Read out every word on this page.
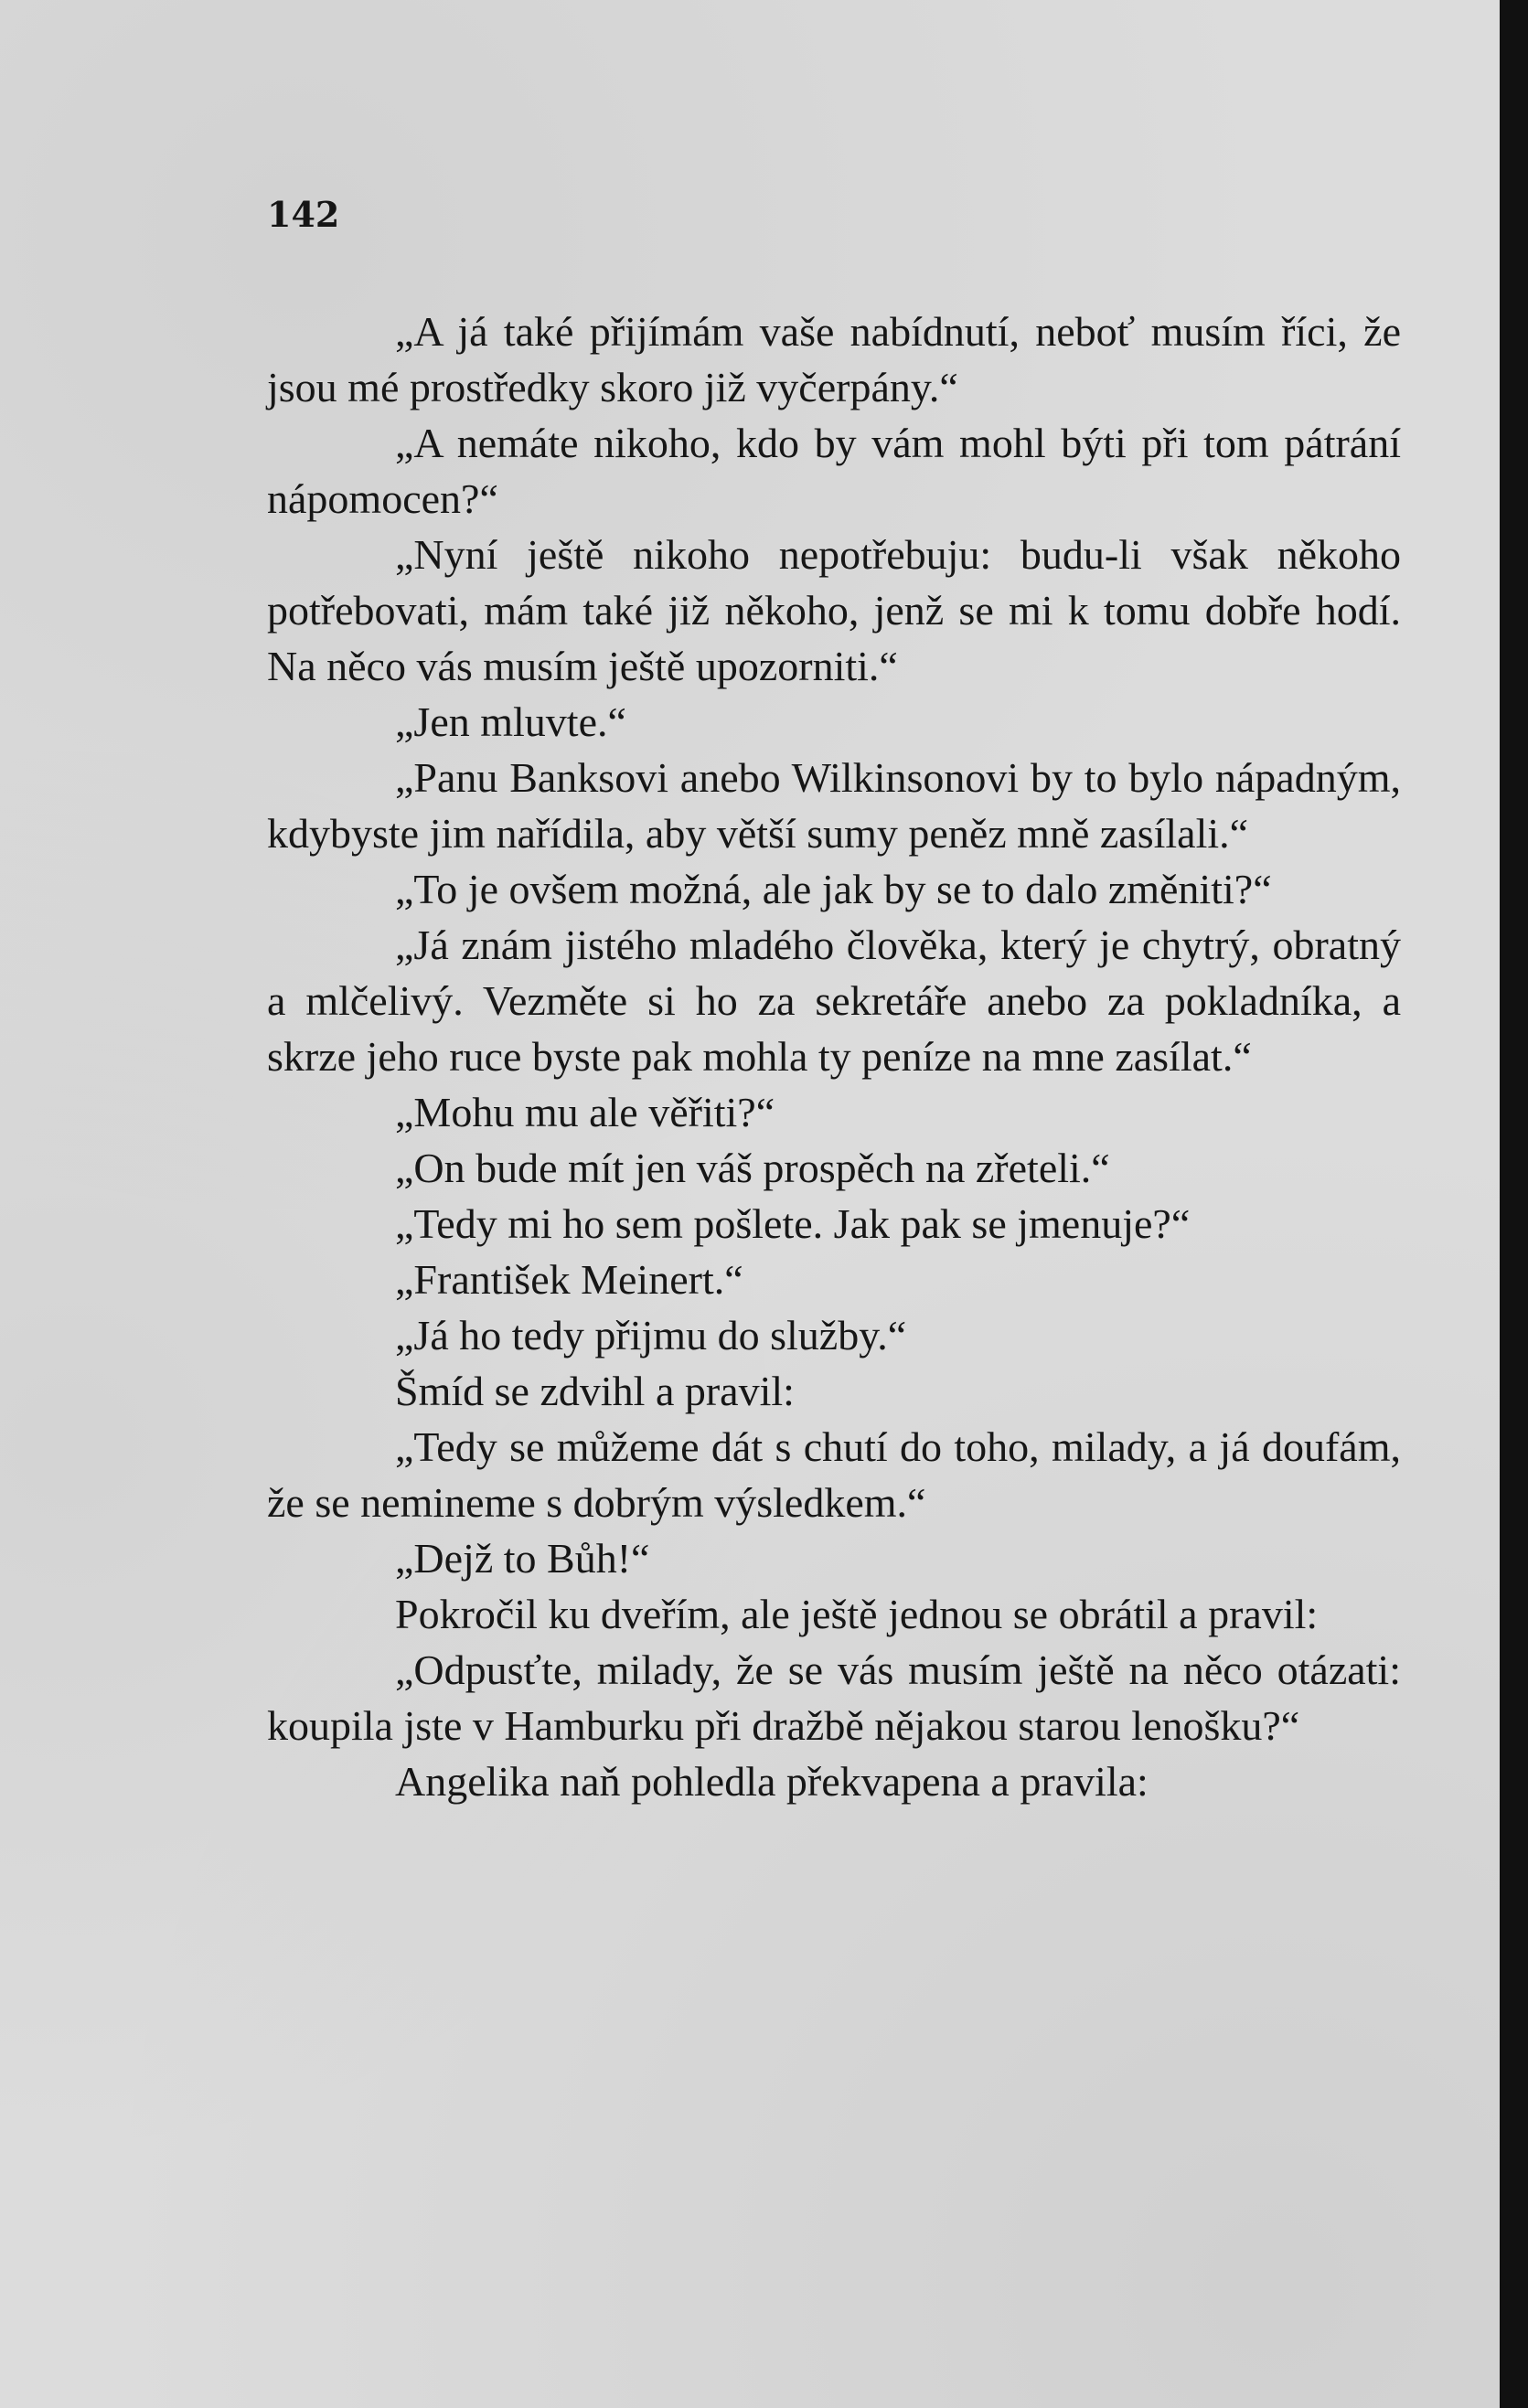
142

„A já také přijímám vaše nabídnutí, neboť musím říci, že jsou mé prostředky skoro již vyčerpány.“

„A nemáte nikoho, kdo by vám mohl býti při tom pátrání nápomocen?“

„Nyní ještě nikoho nepotřebuju: budu-li však někoho potřebovati, mám také již někoho, jenž se mi k tomu dobře hodí. Na něco vás musím ještě upozorniti.“

„Jen mluvte.“

„Panu Banksovi anebo Wilkinsonovi by to bylo nápadným, kdybyste jim nařídila, aby větší sumy peněz mně zasílali.“

„To je ovšem možná, ale jak by se to dalo změniti?“

„Já znám jistého mladého člověka, který je chytrý, obratný a mlčelivý. Vezměte si ho za sekretáře anebo za pokladníka, a skrze jeho ruce byste pak mohla ty peníze na mne zasílat.“

„Mohu mu ale věřiti?“

„On bude mít jen váš prospěch na zřeteli.“

„Tedy mi ho sem pošlete. Jak pak se jmenuje?“

„František Meinert.“

„Já ho tedy přijmu do služby.“

Šmíd se zdvihl a pravil:

„Tedy se můžeme dát s chutí do toho, milady, a já doufám, že se nemineme s dobrým výsledkem.“

„Dejž to Bůh!“

Pokročil ku dveřím, ale ještě jednou se obrátil a pravil:

„Odpusťte, milady, že se vás musím ještě na něco otázati: koupila jste v Hamburku při dražbě nějakou starou lenošku?“

Angelika naň pohledla překvapena a pravila:
